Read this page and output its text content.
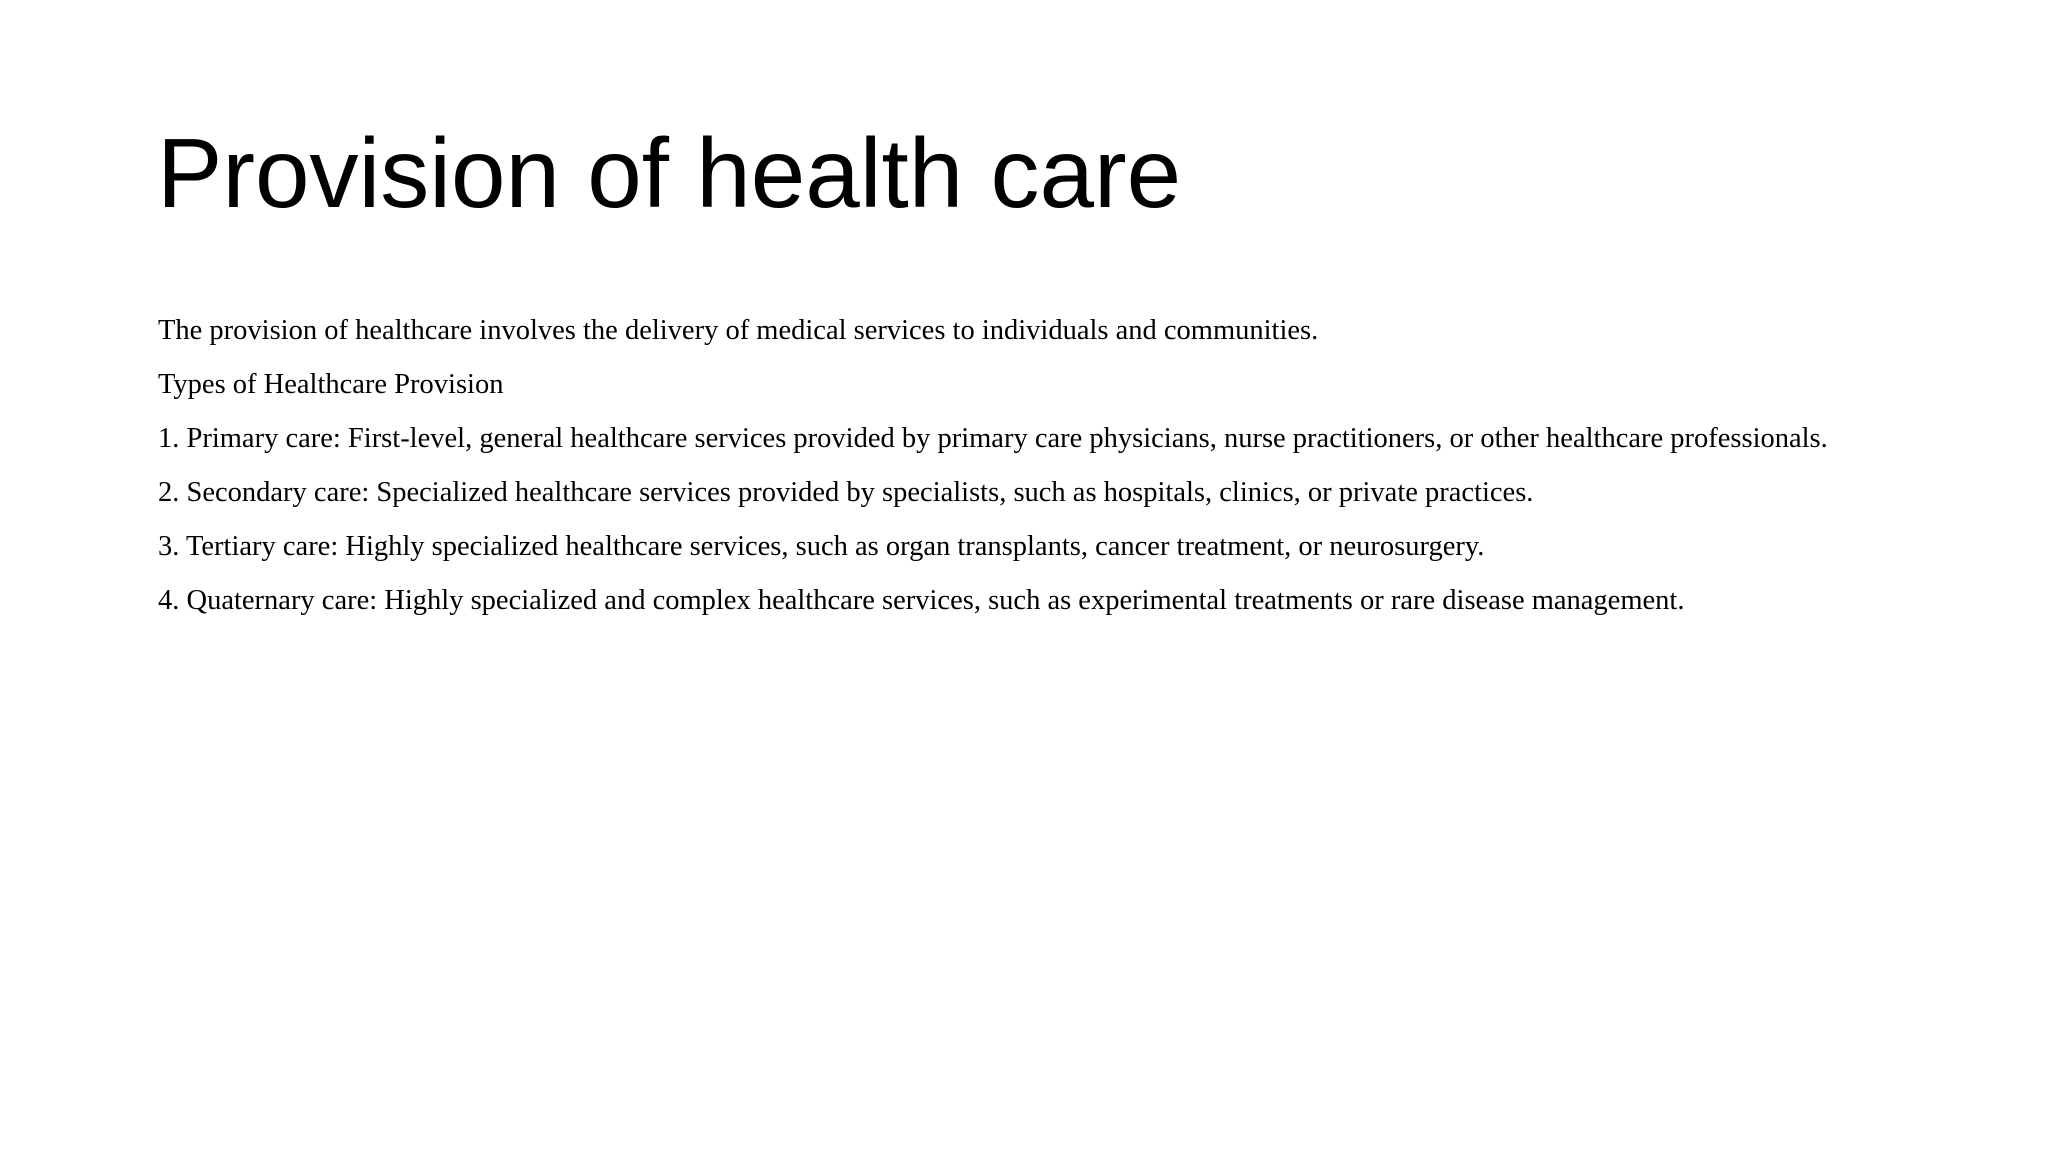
Provision of health care

The provision of healthcare involves the delivery of medical services to individuals and communities.

Types of Healthcare Provision

1. Primary care: First-level, general healthcare services provided by primary care physicians, nurse practitioners, or other healthcare professionals.

2. Secondary care: Specialized healthcare services provided by specialists, such as hospitals, clinics, or private practices.

3. Tertiary care: Highly specialized healthcare services, such as organ transplants, cancer treatment, or neurosurgery.

4. Quaternary care: Highly specialized and complex healthcare services, such as experimental treatments or rare disease management.
